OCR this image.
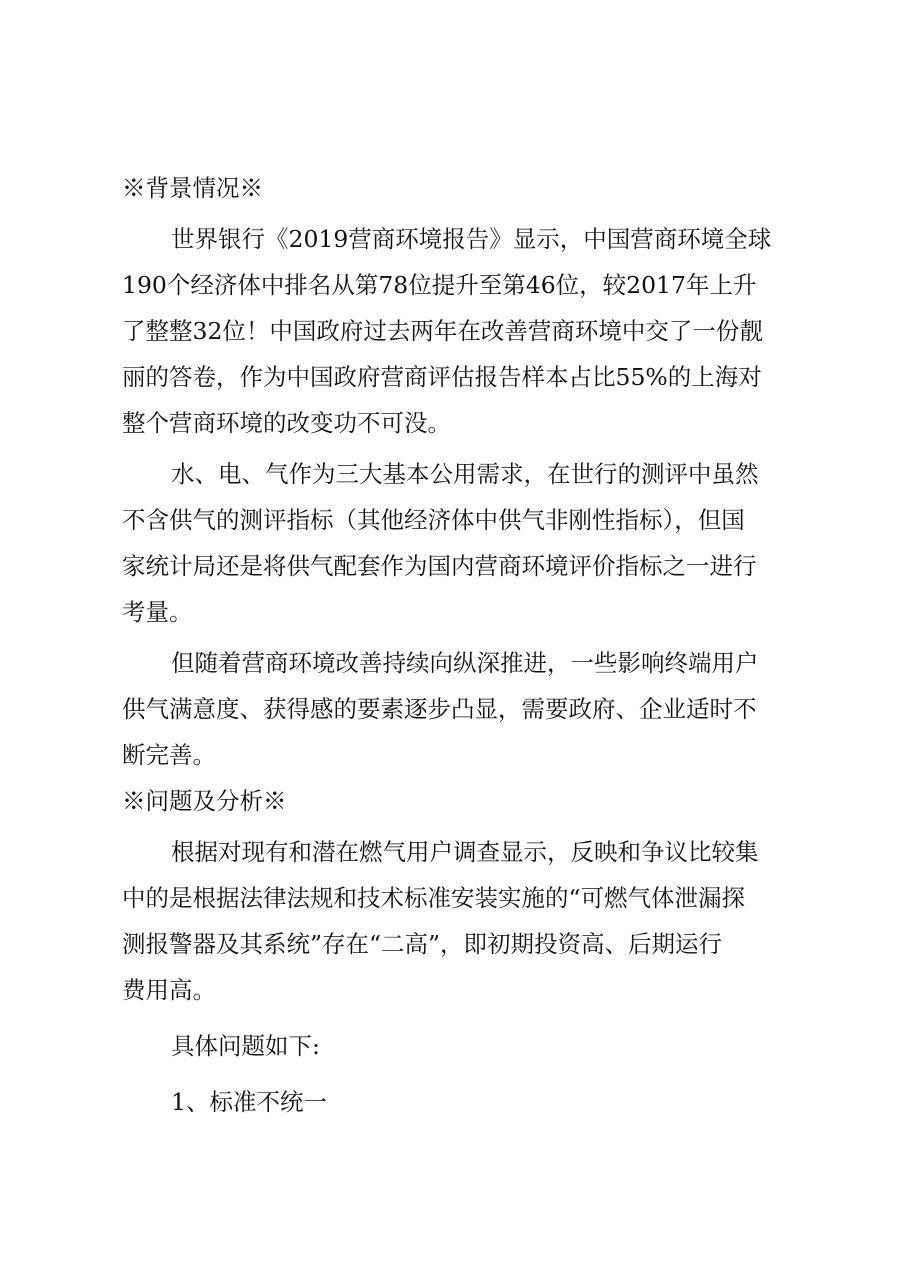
※背景情况※
世界银行《2019营商环境报告》显示，中国营商环境全球
190个经济体中排名从第78位提升至第46位，较2017年上升
了整整32位！中国政府过去两年在改善营商环境中交了一份靓
丽的答卷，作为中国政府营商评估报告样本占比55%的上海对
整个营商环境的改变功不可没。
水、电、气作为三大基本公用需求，在世行的测评中虽然
不含供气的测评指标（其他经济体中供气非刚性指标），但国
家统计局还是将供气配套作为国内营商环境评价指标之一进行
考量。
但随着营商环境改善持续向纵深推进，一些影响终端用户
供气满意度、获得感的要素逐步凸显，需要政府、企业适时不
断完善。
※问题及分析※
根据对现有和潜在燃气用户调查显示，反映和争议比较集
中的是根据法律法规和技术标准安装实施的“可燃气体泄漏探
测报警器及其系统”存在“二高”，即初期投资高、后期运行
费用高。
具体问题如下:
1、标准不统一
